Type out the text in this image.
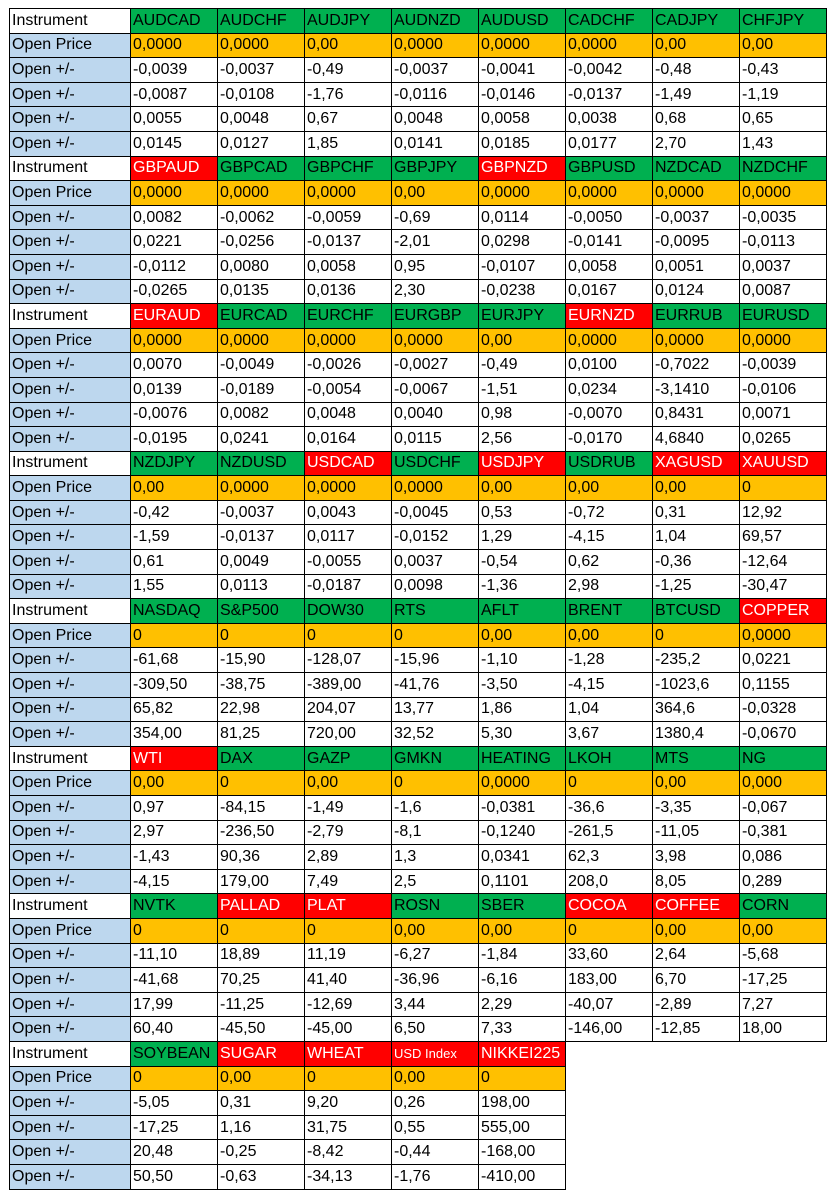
Instrument	AUDCAD	AUDCHF	AUDJPY	AUDNZD	AUDUSD	CADCHF	CADJPY	CHFJPY
Open Price	0,0000	0,0000	0,00	0,0000	0,0000	0,0000	0,00	0,00
Open +/-	-0,0039	-0,0037	-0,49	-0,0037	-0,0041	-0,0042	-0,48	-0,43
Open +/-	-0,0087	-0,0108	-1,76	-0,0116	-0,0146	-0,0137	-1,49	-1,19
Open +/-	0,0055	0,0048	0,67	0,0048	0,0058	0,0038	0,68	0,65
Open +/-	0,0145	0,0127	1,85	0,0141	0,0185	0,0177	2,70	1,43
Instrument	GBPAUD	GBPCAD	GBPCHF	GBPJPY	GBPNZD	GBPUSD	NZDCAD	NZDCHF
Open Price	0,0000	0,0000	0,0000	0,00	0,0000	0,0000	0,0000	0,0000
Open +/-	0,0082	-0,0062	-0,0059	-0,69	0,0114	-0,0050	-0,0037	-0,0035
Open +/-	0,0221	-0,0256	-0,0137	-2,01	0,0298	-0,0141	-0,0095	-0,0113
Open +/-	-0,0112	0,0080	0,0058	0,95	-0,0107	0,0058	0,0051	0,0037
Open +/-	-0,0265	0,0135	0,0136	2,30	-0,0238	0,0167	0,0124	0,0087
Instrument	EURAUD	EURCAD	EURCHF	EURGBP	EURJPY	EURNZD	EURRUB	EURUSD
Open Price	0,0000	0,0000	0,0000	0,0000	0,00	0,0000	0,0000	0,0000
Open +/-	0,0070	-0,0049	-0,0026	-0,0027	-0,49	0,0100	-0,7022	-0,0039
Open +/-	0,0139	-0,0189	-0,0054	-0,0067	-1,51	0,0234	-3,1410	-0,0106
Open +/-	-0,0076	0,0082	0,0048	0,0040	0,98	-0,0070	0,8431	0,0071
Open +/-	-0,0195	0,0241	0,0164	0,0115	2,56	-0,0170	4,6840	0,0265
Instrument	NZDJPY	NZDUSD	USDCAD	USDCHF	USDJPY	USDRUB	XAGUSD	XAUUSD
Open Price	0,00	0,0000	0,0000	0,0000	0,00	0,00	0,00	0
Open +/-	-0,42	-0,0037	0,0043	-0,0045	0,53	-0,72	0,31	12,92
Open +/-	-1,59	-0,0137	0,0117	-0,0152	1,29	-4,15	1,04	69,57
Open +/-	0,61	0,0049	-0,0055	0,0037	-0,54	0,62	-0,36	-12,64
Open +/-	1,55	0,0113	-0,0187	0,0098	-1,36	2,98	-1,25	-30,47
Instrument	NASDAQ	S&P500	DOW30	RTS	AFLT	BRENT	BTCUSD	COPPER
Open Price	0	0	0	0	0,00	0,00	0	0,0000
Open +/-	-61,68	-15,90	-128,07	-15,96	-1,10	-1,28	-235,2	0,0221
Open +/-	-309,50	-38,75	-389,00	-41,76	-3,50	-4,15	-1023,6	0,1155
Open +/-	65,82	22,98	204,07	13,77	1,86	1,04	364,6	-0,0328
Open +/-	354,00	81,25	720,00	32,52	5,30	3,67	1380,4	-0,0670
Instrument	WTI	DAX	GAZP	GMKN	HEATING	LKOH	MTS	NG
Open Price	0,00	0	0,00	0	0,0000	0	0,00	0,000
Open +/-	0,97	-84,15	-1,49	-1,6	-0,0381	-36,6	-3,35	-0,067
Open +/-	2,97	-236,50	-2,79	-8,1	-0,1240	-261,5	-11,05	-0,381
Open +/-	-1,43	90,36	2,89	1,3	0,0341	62,3	3,98	0,086
Open +/-	-4,15	179,00	7,49	2,5	0,1101	208,0	8,05	0,289
Instrument	NVTK	PALLAD	PLAT	ROSN	SBER	COCOA	COFFEE	CORN
Open Price	0	0	0	0,00	0,00	0	0,00	0,00
Open +/-	-11,10	18,89	11,19	-6,27	-1,84	33,60	2,64	-5,68
Open +/-	-41,68	70,25	41,40	-36,96	-6,16	183,00	6,70	-17,25
Open +/-	17,99	-11,25	-12,69	3,44	2,29	-40,07	-2,89	7,27
Open +/-	60,40	-45,50	-45,00	6,50	7,33	-146,00	-12,85	18,00
Instrument	SOYBEAN	SUGAR	WHEAT	USD Index	NIKKEI225			
Open Price	0	0,00	0	0,00	0			
Open +/-	-5,05	0,31	9,20	0,26	198,00			
Open +/-	-17,25	1,16	31,75	0,55	555,00			
Open +/-	20,48	-0,25	-8,42	-0,44	-168,00			
Open +/-	50,50	-0,63	-34,13	-1,76	-410,00			
